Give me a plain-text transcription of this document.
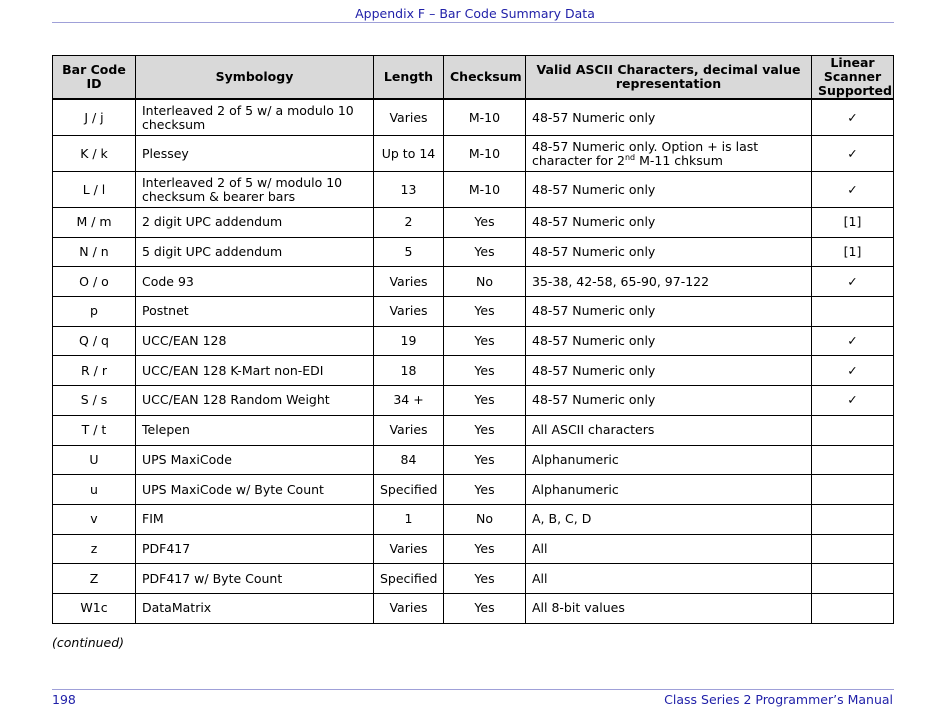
Appendix F – Bar Code Summary Data
Bar Code ID	Symbology	Length	Checksum	Valid ASCII Characters, decimal value representation	Linear Scanner Supported
J / j	Interleaved 2 of 5 w/ a modulo 10 checksum	Varies	M-10	48-57 Numeric only	✓
K / k	Plessey	Up to 14	M-10	48-57 Numeric only. Option + is last character for 2nd M-11 chksum	✓
L / l	Interleaved 2 of 5 w/ modulo 10 checksum & bearer bars	13	M-10	48-57 Numeric only	✓
M / m	2 digit UPC addendum	2	Yes	48-57 Numeric only	[1]
N / n	5 digit UPC addendum	5	Yes	48-57 Numeric only	[1]
O / o	Code 93	Varies	No	35-38, 42-58, 65-90, 97-122	✓
p	Postnet	Varies	Yes	48-57 Numeric only	
Q / q	UCC/EAN 128	19	Yes	48-57 Numeric only	✓
R / r	UCC/EAN 128 K-Mart non-EDI	18	Yes	48-57 Numeric only	✓
S / s	UCC/EAN 128 Random Weight	34 +	Yes	48-57 Numeric only	✓
T / t	Telepen	Varies	Yes	All ASCII characters	
U	UPS MaxiCode	84	Yes	Alphanumeric	
u	UPS MaxiCode w/ Byte Count	Specified	Yes	Alphanumeric	
v	FIM	1	No	A, B, C, D	
z	PDF417	Varies	Yes	All	
Z	PDF417 w/ Byte Count	Specified	Yes	All	
W1c	DataMatrix	Varies	Yes	All 8-bit values	
(continued)
198	Class Series 2 Programmer’s Manual
